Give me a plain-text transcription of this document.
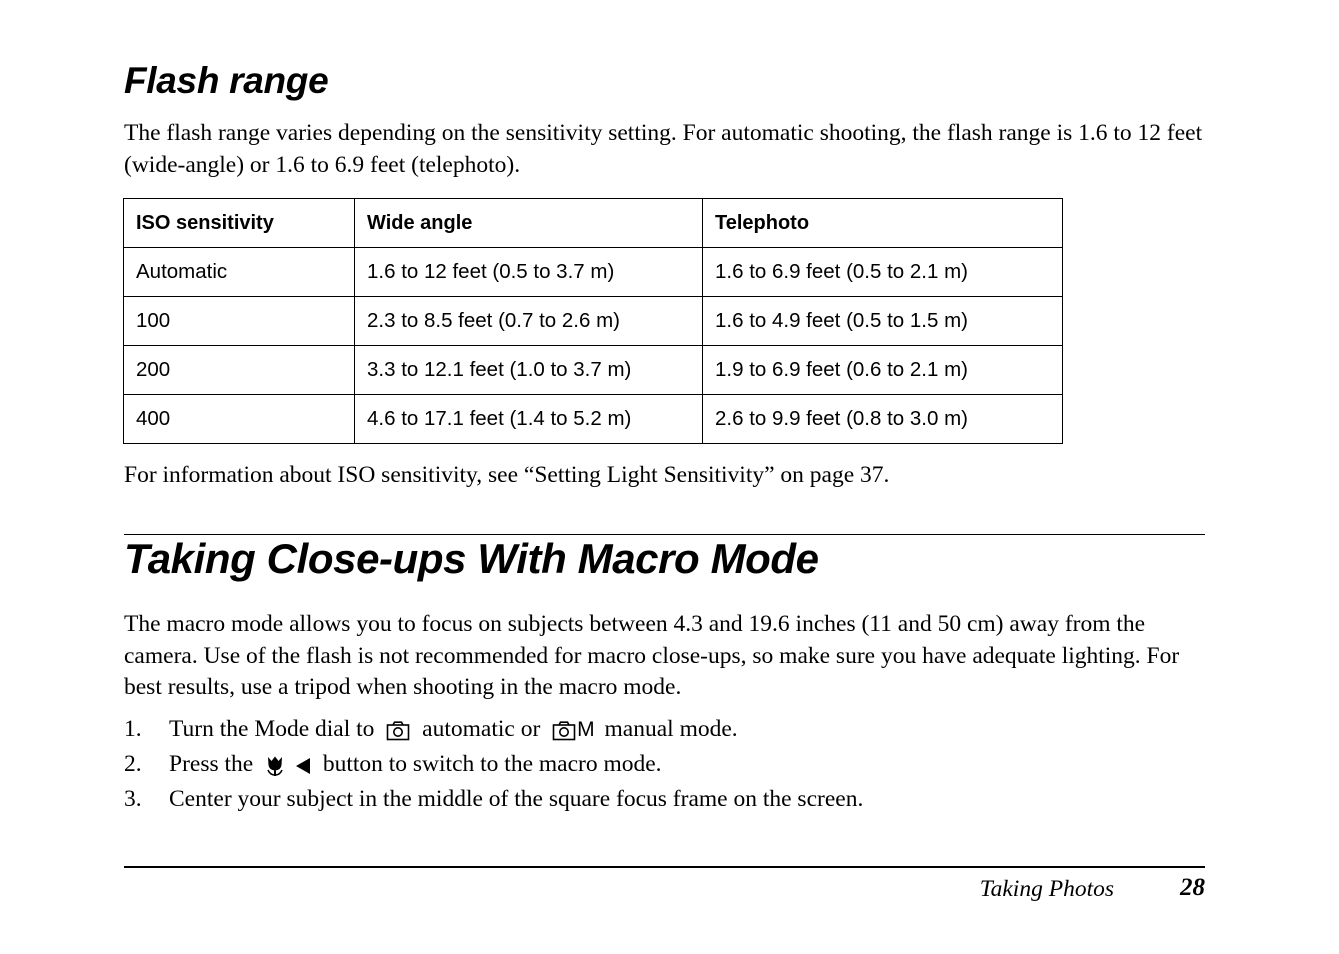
Flash range

The flash range varies depending on the sensitivity setting. For automatic shooting, the flash range is 1.6 to 12 feet (wide-angle) or 1.6 to 6.9 feet (telephoto).

ISO sensitivity	Wide angle	Telephoto
Automatic	1.6 to 12 feet (0.5 to 3.7 m)	1.6 to 6.9 feet (0.5 to 2.1 m)
100	2.3 to 8.5 feet (0.7 to 2.6 m)	1.6 to 4.9 feet (0.5 to 1.5 m)
200	3.3 to 12.1 feet (1.0 to 3.7 m)	1.9 to 6.9 feet (0.6 to 2.1 m)
400	4.6 to 17.1 feet (1.4 to 5.2 m)	2.6 to 9.9 feet (0.8 to 3.0 m)

For information about ISO sensitivity, see “Setting Light Sensitivity” on page 37.

Taking Close-ups With Macro Mode

The macro mode allows you to focus on subjects between 4.3 and 19.6 inches (11 and 50 cm) away from the camera. Use of the flash is not recommended for macro close-ups, so make sure you have adequate lighting. For best results, use a tripod when shooting in the macro mode.

1. Turn the Mode dial to automatic or M manual mode.
2. Press the
	button to switch to the macro mode.
3. Center your subject in the middle of the square focus frame on the screen.
Taking Photos	28
